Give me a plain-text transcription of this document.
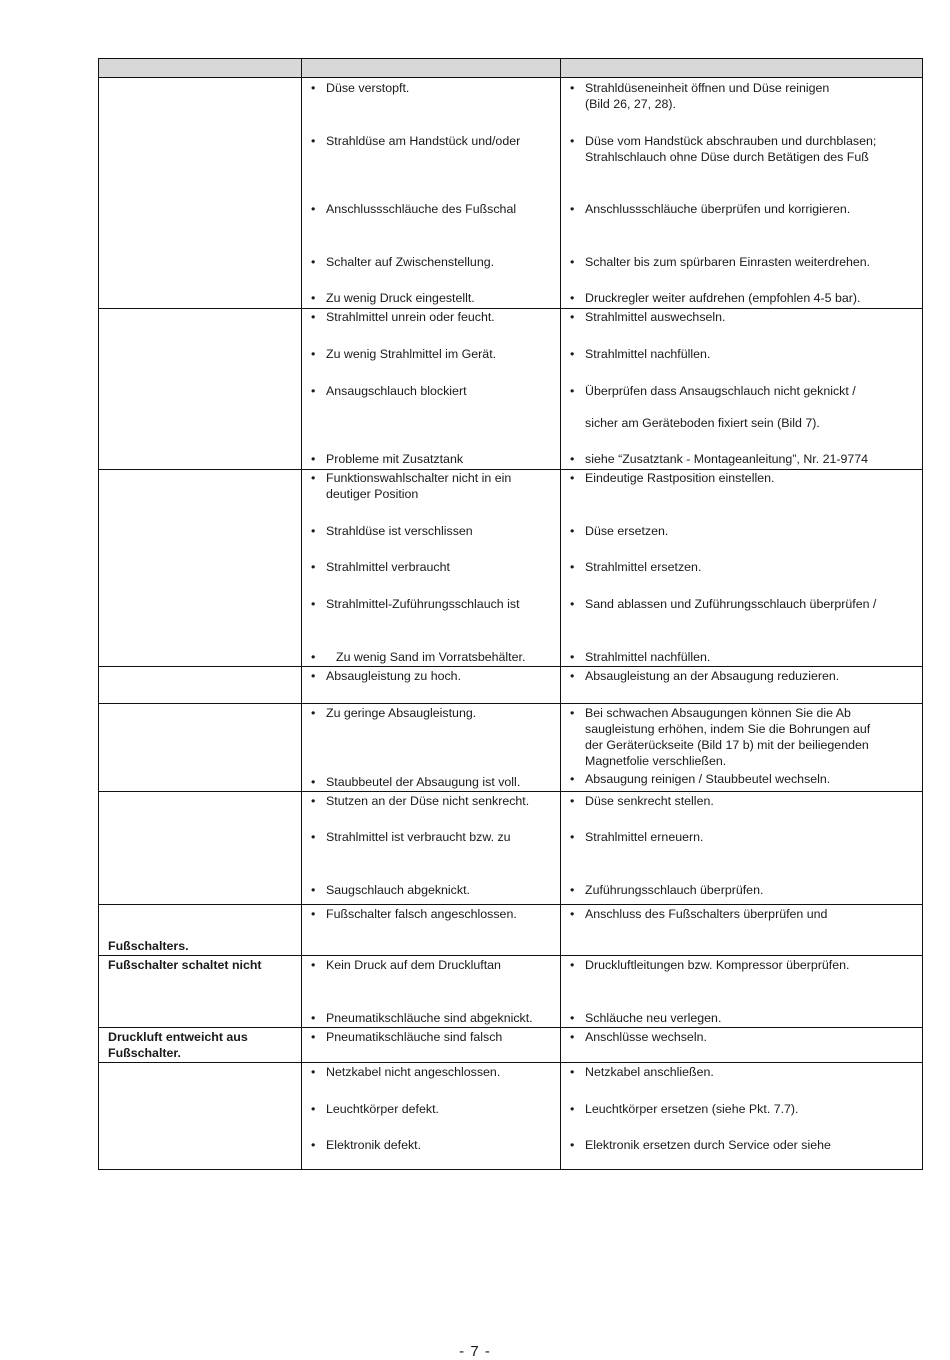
• Düse verstopft.
• Strahldüse am Handstück und/oder
• Anschlussschläuche des Fußschal
• Schalter auf Zwischenstellung.
• Zu wenig Druck eingestellt.
• Strahlmittel unrein oder feucht.
• Zu wenig Strahlmittel im Gerät.
• Ansaugschlauch blockiert
• Probleme mit Zusatztank
• Funktionswahlschalter nicht in ein
deutiger Position
• Strahldüse ist verschlissen
• Strahlmittel verbraucht
• Strahlmittel-Zuführungsschlauch ist
• Zu wenig Sand im Vorratsbehälter.
• Absaugleistung zu hoch.
• Zu geringe Absaugleistung.
• Staubbeutel der Absaugung ist voll.
• Stutzen an der Düse nicht senkrecht.
• Strahlmittel ist verbraucht bzw. zu
• Saugschlauch abgeknickt.
• Fußschalter falsch angeschlossen.
• Kein Druck auf dem Druckluftan
• Pneumatikschläuche sind abgeknickt.
• Pneumatikschläuche sind falsch
• Netzkabel nicht angeschlossen.
• Leuchtkörper defekt.
• Elektronik defekt.
• Strahldüseneinheit öffnen und Düse reinigen
(Bild 26, 27, 28).
• Düse vom Handstück abschrauben und durchblasen;
Strahlschlauch ohne Düse durch Betätigen des Fuß
• Anschlussschläuche überprüfen und korrigieren.
• Schalter bis zum spürbaren Einrasten weiterdrehen.
• Druckregler weiter aufdrehen (empfohlen 4-5 bar).
• Strahlmittel auswechseln.
• Strahlmittel nachfüllen.
• Überprüfen dass Ansaugschlauch nicht geknickt /
sicher am Geräteboden fixiert sein (Bild 7).
• siehe “Zusatztank - Montageanleitung”, Nr. 21-9774
• Eindeutige Rastposition einstellen.
• Düse ersetzen.
• Strahlmittel ersetzen.
• Sand ablassen und Zuführungsschlauch überprüfen /
• Strahlmittel nachfüllen.
• Absaugleistung an der Absaugung reduzieren.
• Bei schwachen Absaugungen können Sie die Ab
saugleistung erhöhen, indem Sie die Bohrungen auf
der Geräterückseite (Bild 17 b) mit der beiliegenden
Magnetfolie verschließen.
• Absaugung reinigen / Staubbeutel wechseln.
• Düse senkrecht stellen.
• Strahlmittel erneuern.
• Zuführungsschlauch überprüfen.
• Anschluss des Fußschalters überprüfen und
• Druckluftleitungen bzw. Kompressor überprüfen.
• Schläuche neu verlegen.
• Anschlüsse wechseln.
• Netzkabel anschließen.
• Leuchtkörper ersetzen (siehe Pkt. 7.7).
• Elektronik ersetzen durch Service oder siehe
Fußschalters.
Fußschalter schaltet nicht
Druckluft entweicht aus
Fußschalter.
- 7 -
